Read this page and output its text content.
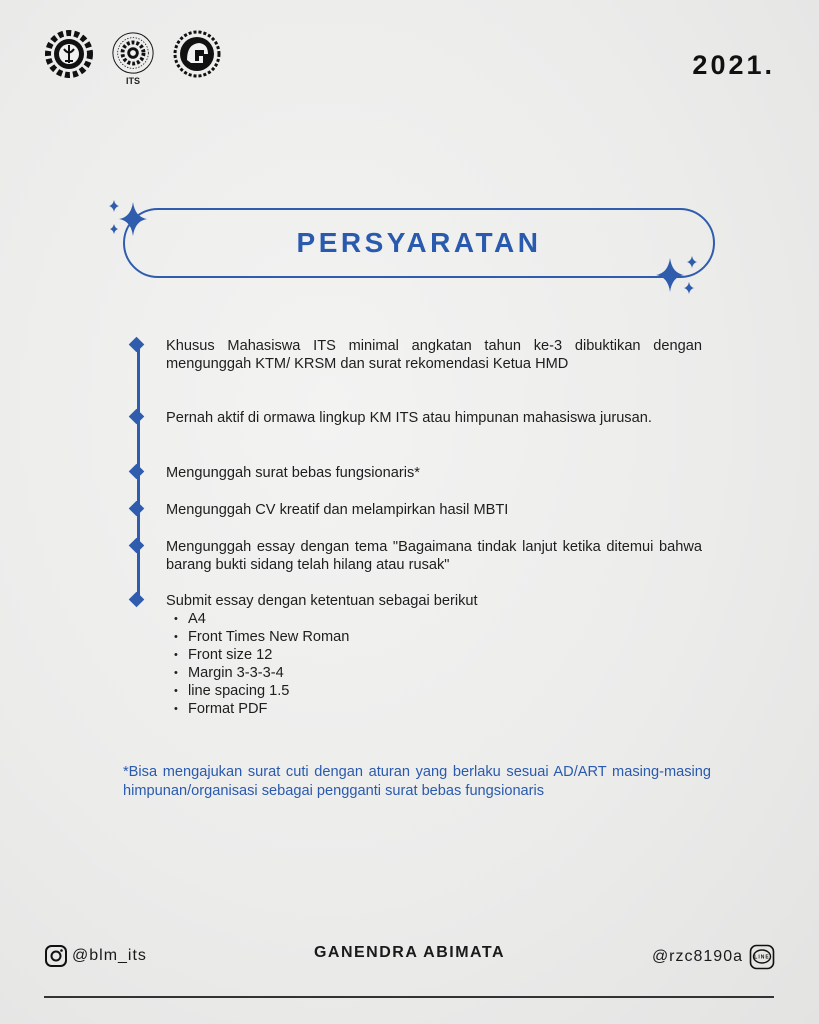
ITS
2021.
PERSYARATAN
Khusus Mahasiswa ITS minimal angkatan tahun ke-3 dibuktikan dengan mengunggah KTM/ KRSM dan surat rekomendasi Ketua HMD
Pernah aktif di ormawa lingkup KM ITS atau himpunan mahasiswa jurusan.
Mengunggah surat bebas fungsionaris*
Mengunggah CV kreatif dan melampirkan hasil MBTI
Mengunggah essay dengan tema "Bagaimana tindak lanjut ketika ditemui bahwa barang bukti sidang telah hilang atau rusak"
Submit essay dengan ketentuan sebagai berikut
• A4
• Front Times New Roman
• Front size 12
• Margin 3-3-3-4
• line spacing 1.5
• Format PDF
*Bisa mengajukan surat cuti dengan aturan yang berlaku sesuai AD/ART masing-masing himpunan/organisasi sebagai pengganti surat bebas fungsionaris
@blm_its	GANENDRA ABIMATA	@rzc8190a LINE
